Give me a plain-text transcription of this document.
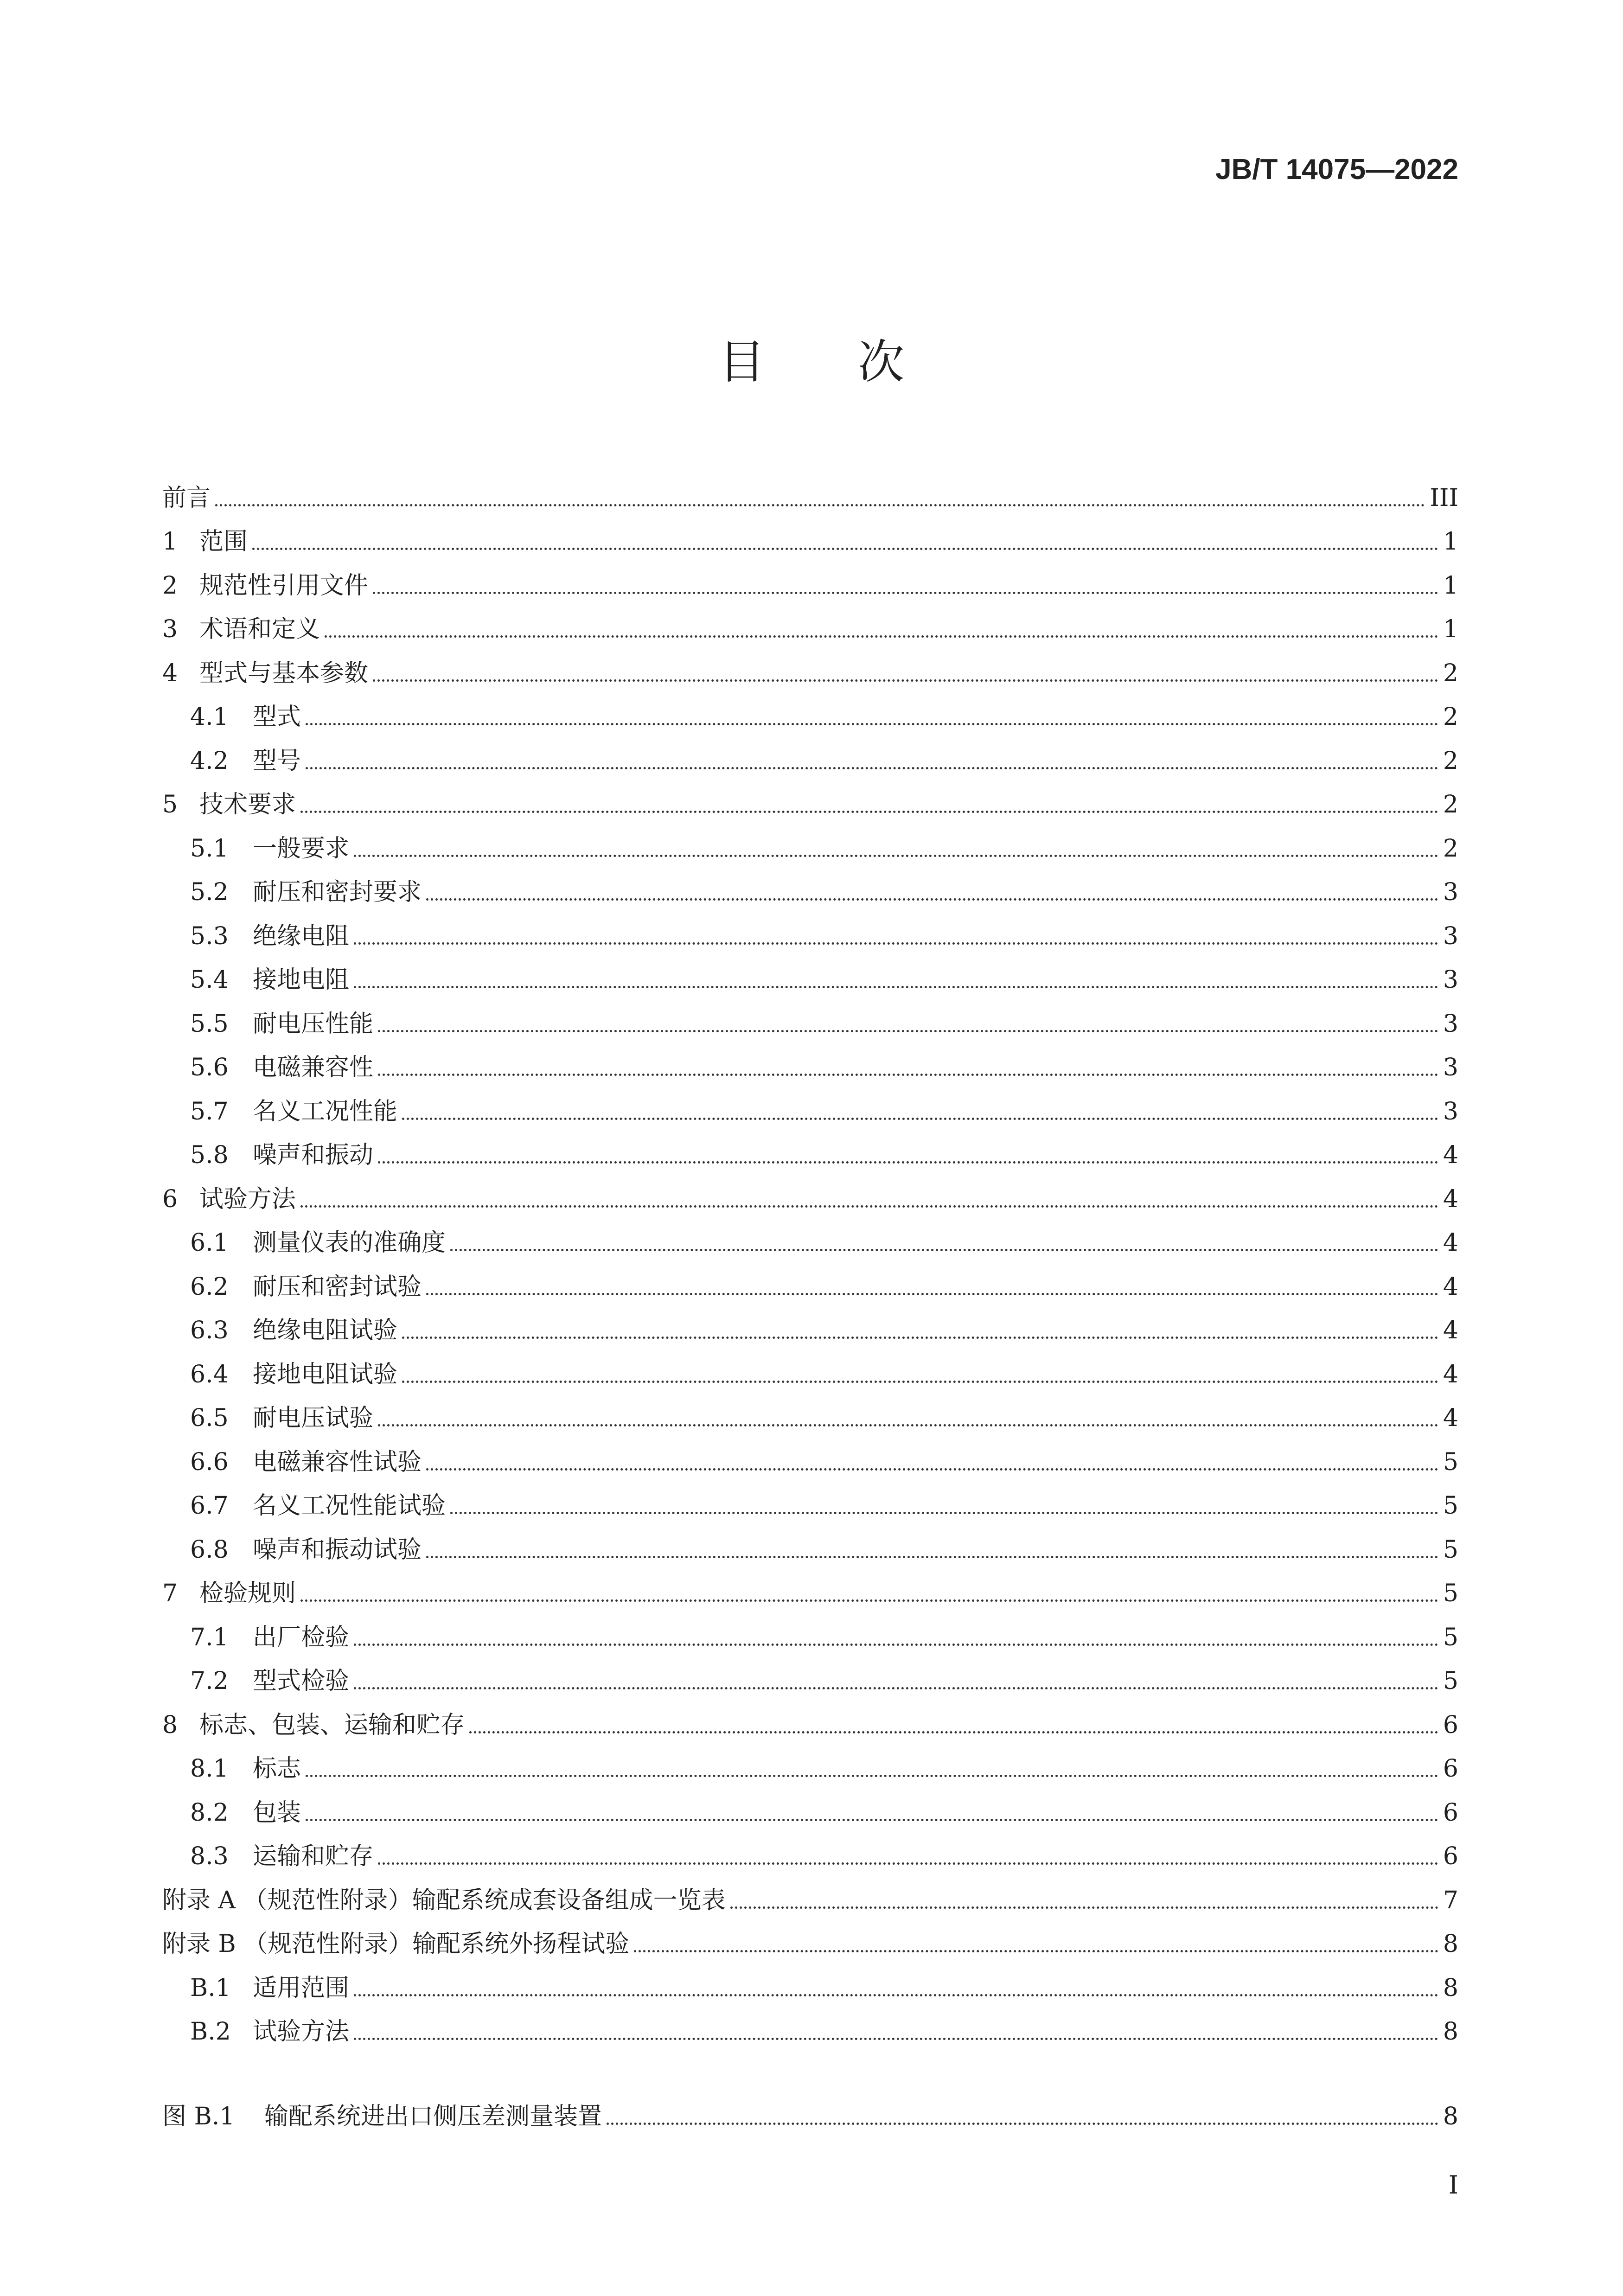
JB/T 14075—2022
目次
前言	III
1 范围	1
2 规范性引用文件	1
3 术语和定义	1
4 型式与基本参数	2
4.1	型式	2
4.2	型号	2
5 技术要求	2
5.1	一般要求	2
5.2	耐压和密封要求	3
5.3	绝缘电阻	3
5.4	接地电阻	3
5.5	耐电压性能	3
5.6	电磁兼容性	3
5.7	名义工况性能	3
5.8	噪声和振动	4
6 试验方法	4
6.1	测量仪表的准确度	4
6.2	耐压和密封试验	4
6.3	绝缘电阻试验	4
6.4	接地电阻试验	4
6.5	耐电压试验	4
6.6	电磁兼容性试验	5
6.7	名义工况性能试验	5
6.8	噪声和振动试验	5
7 检验规则	5
7.1	出厂检验	5
7.2	型式检验	5
8 标志、包装、运输和贮存	6
8.1	标志	6
8.2	包装	6
8.3	运输和贮存	6
附录 A （规范性附录）输配系统成套设备组成一览表	7
附录 B （规范性附录）输配系统外扬程试验	8
B.1 适用范围	8
B.2 试验方法	8
图 B.1	输配系统进出口侧压差测量装置	8
I
